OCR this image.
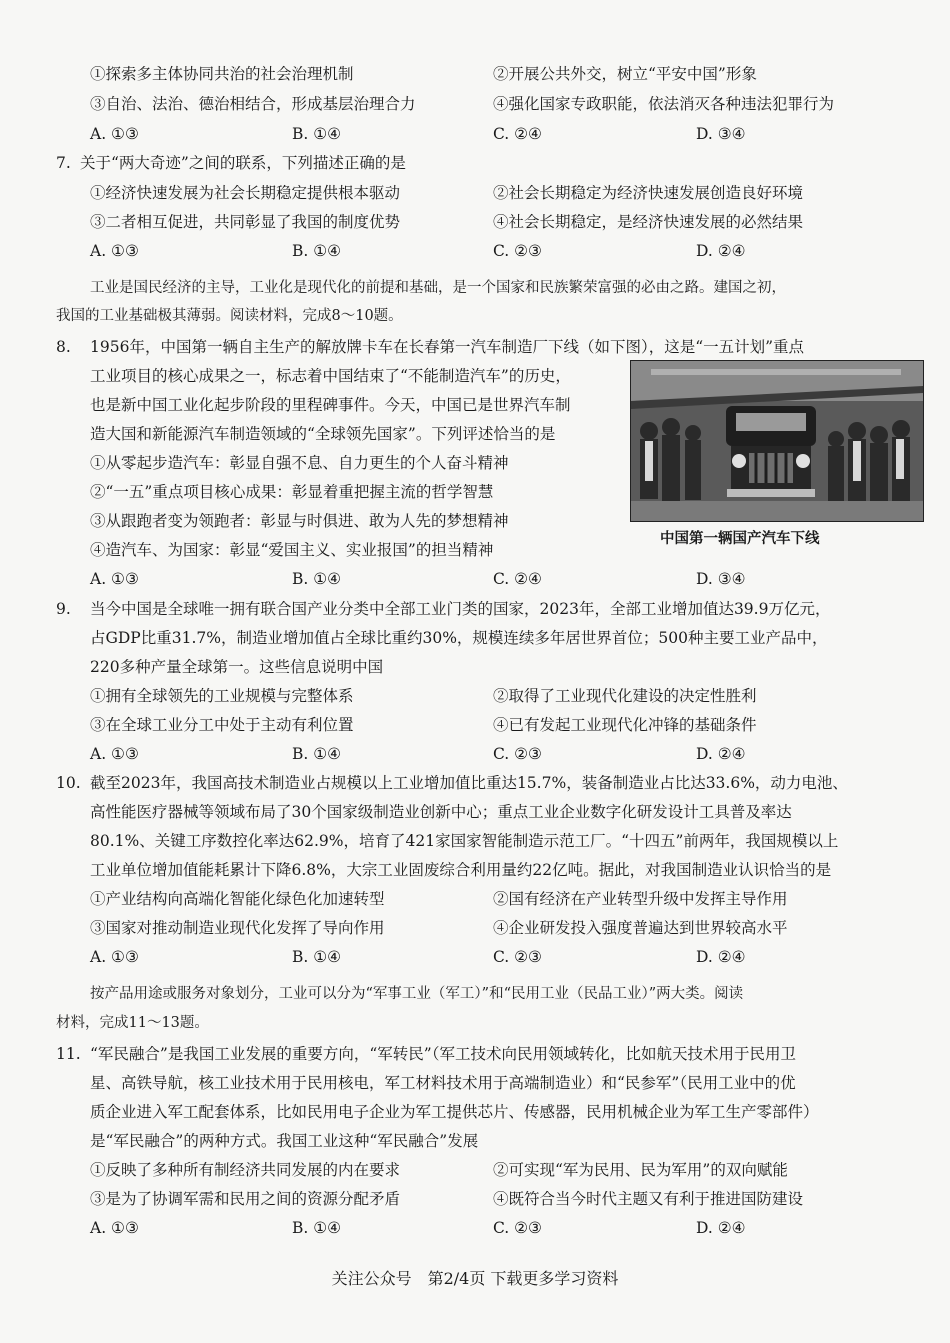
①探索多主体协同共治的社会治理机制	②开展公共外交，树立“平安中国”形象
③自治、法治、德治相结合，形成基层治理合力	④强化国家专政职能，依法消灭各种违法犯罪行为
A. ①③	B. ①④	C. ②④	D. ③④
7. 关于“两大奇迹”之间的联系，下列描述正确的是
①经济快速发展为社会长期稳定提供根本驱动	②社会长期稳定为经济快速发展创造良好环境
③二者相互促进，共同彰显了我国的制度优势	④社会长期稳定，是经济快速发展的必然结果
A. ①③	B. ①④	C. ②③	D. ②④
工业是国民经济的主导，工业化是现代化的前提和基础，是一个国家和民族繁荣富强的必由之路。建国之初，
我国的工业基础极其薄弱。阅读材料，完成8～10题。
8. 1956年，中国第一辆自主生产的解放牌卡车在长春第一汽车制造厂下线（如下图），这是“一五计划”重点
工业项目的核心成果之一，标志着中国结束了“不能制造汽车”的历史，
也是新中国工业化起步阶段的里程碑事件。今天，中国已是世界汽车制
造大国和新能源汽车制造领域的“全球领先国家”。下列评述恰当的是
①从零起步造汽车：彰显自强不息、自力更生的个人奋斗精神
②“一五”重点项目核心成果：彰显着重把握主流的哲学智慧
③从跟跑者变为领跑者：彰显与时俱进、敢为人先的梦想精神
④造汽车、为国家：彰显“爱国主义、实业报国”的担当精神
中国第一辆国产汽车下线
A. ①③	B. ①④	C. ②④	D. ③④
9. 当今中国是全球唯一拥有联合国产业分类中全部工业门类的国家，2023年，全部工业增加值达39.9万亿元，
占GDP比重31.7%，制造业增加值占全球比重约30%，规模连续多年居世界首位；500种主要工业产品中，
220多种产量全球第一。这些信息说明中国
①拥有全球领先的工业规模与完整体系	②取得了工业现代化建设的决定性胜利
③在全球工业分工中处于主动有利位置	④已有发起工业现代化冲锋的基础条件
A. ①③	B. ①④	C. ②③	D. ②④
10. 截至2023年，我国高技术制造业占规模以上工业增加值比重达15.7%，装备制造业占比达33.6%，动力电池、
高性能医疗器械等领域布局了30个国家级制造业创新中心；重点工业企业数字化研发设计工具普及率达
80.1%、关键工序数控化率达62.9%，培育了421家国家智能制造示范工厂。“十四五”前两年，我国规模以上
工业单位增加值能耗累计下降6.8%，大宗工业固废综合利用量约22亿吨。据此，对我国制造业认识恰当的是
①产业结构向高端化智能化绿色化加速转型	②国有经济在产业转型升级中发挥主导作用
③国家对推动制造业现代化发挥了导向作用	④企业研发投入强度普遍达到世界较高水平
A. ①③	B. ①④	C. ②③	D. ②④
按产品用途或服务对象划分，工业可以分为“军事工业（军工）”和“民用工业（民品工业）”两大类。阅读
材料，完成11～13题。
11. “军民融合”是我国工业发展的重要方向，“军转民”（军工技术向民用领域转化，比如航天技术用于民用卫
星、高铁导航，核工业技术用于民用核电，军工材料技术用于高端制造业）和“民参军”（民用工业中的优
质企业进入军工配套体系，比如民用电子企业为军工提供芯片、传感器，民用机械企业为军工生产零部件）
是“军民融合”的两种方式。我国工业这种“军民融合”发展
①反映了多种所有制经济共同发展的内在要求	②可实现“军为民用、民为军用”的双向赋能
③是为了协调军需和民用之间的资源分配矛盾	④既符合当今时代主题又有利于推进国防建设
A. ①③	B. ①④	C. ②③	D. ②④
关注公众号　第2/4页 下载更多学习资料
